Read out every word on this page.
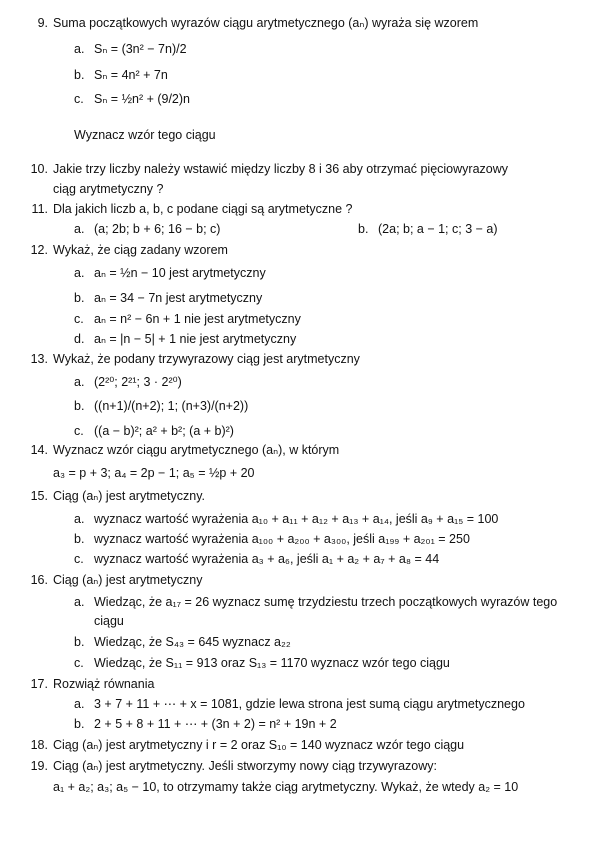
9. Suma początkowych wyrazów ciągu arytmetycznego (aₙ) wyraża się wzorem
a. Sₙ = (3n² − 7n)/2
b. Sₙ = 4n² + 7n
c. Sₙ = ½n² + (9/2)n
Wyznacz wzór tego ciągu
10. Jakie trzy liczby należy wstawić między liczby 8 i 36 aby otrzymać pięciowyrazowy
ciąg arytmetyczny ?
11. Dla jakich liczb a, b, c podane ciągi są arytmetyczne ?
a. (a; 2b; b + 6; 16 − b; c)	b. (2a; b; a − 1; c; 3 − a)
12. Wykaż, że ciąg zadany wzorem
a. aₙ = ½n − 10 jest arytmetyczny
b. aₙ = 34 − 7n jest arytmetyczny
c. aₙ = n² − 6n + 1 nie jest arytmetyczny
d. aₙ = |n − 5| + 1 nie jest arytmetyczny
13. Wykaż, że podany trzywyrazowy ciąg jest arytmetyczny
a. (2²⁰; 2²¹; 3 · 2²⁰)
b. ((n+1)/(n+2); 1; (n+3)/(n+2))
c. ((a − b)²; a² + b²; (a + b)²)
14. Wyznacz wzór ciągu arytmetycznego (aₙ), w którym
a₃ = p + 3; a₄ = 2p − 1; a₅ = ½p + 20
15. Ciąg (aₙ) jest arytmetyczny.
a. wyznacz wartość wyrażenia a₁₀ + a₁₁ + a₁₂ + a₁₃ + a₁₄, jeśli a₉ + a₁₅ = 100
b. wyznacz wartość wyrażenia a₁₀₀ + a₂₀₀ + a₃₀₀, jeśli a₁₉₉ + a₂₀₁ = 250
c. wyznacz wartość wyrażenia a₃ + a₆, jeśli a₁ + a₂ + a₇ + a₈ = 44
16. Ciąg (aₙ) jest arytmetyczny
a. Wiedząc, że a₁₇ = 26 wyznacz sumę trzydziestu trzech początkowych wyrazów tego
ciągu
b. Wiedząc, że S₄₃ = 645 wyznacz a₂₂
c. Wiedząc, że S₁₁ = 913 oraz S₁₃ = 1170 wyznacz wzór tego ciągu
17. Rozwiąż równania
a. 3 + 7 + 11 + ⋯ + x = 1081, gdzie lewa strona jest sumą ciągu arytmetycznego
b. 2 + 5 + 8 + 11 + ⋯ + (3n + 2) = n² + 19n + 2
18. Ciąg (aₙ) jest arytmetyczny i r = 2 oraz S₁₀ = 140 wyznacz wzór tego ciągu
19. Ciąg (aₙ) jest arytmetyczny. Jeśli stworzymy nowy ciąg trzywyrazowy:
a₁ + a₂; a₃; a₅ − 10, to otrzymamy także ciąg arytmetyczny. Wykaż, że wtedy a₂ = 10
